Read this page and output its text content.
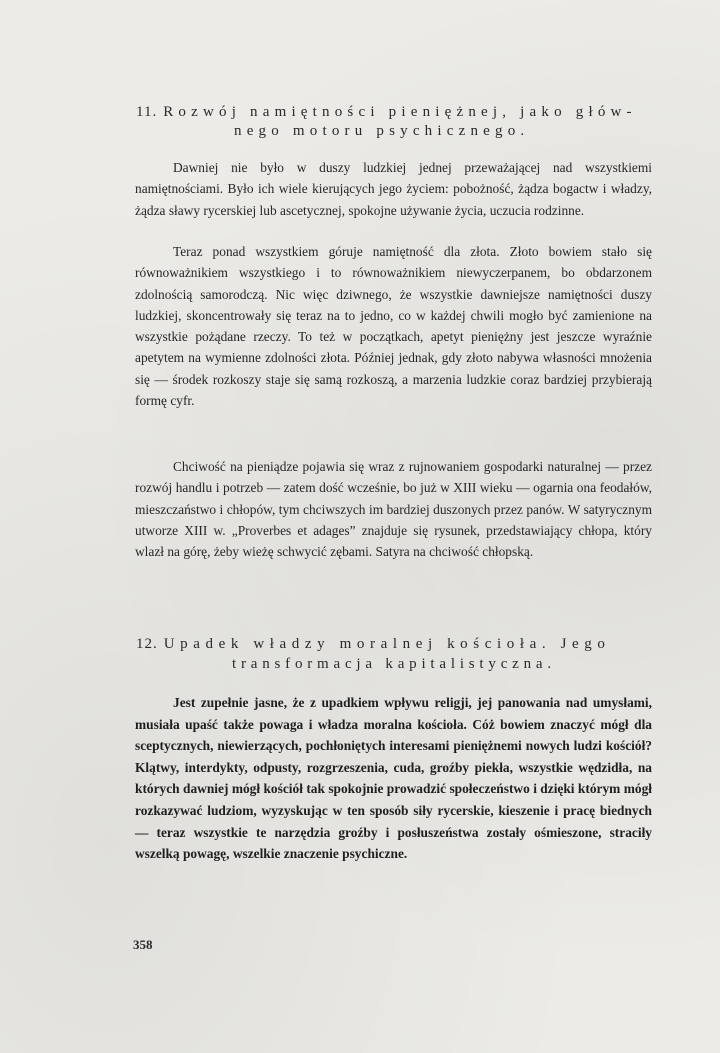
11. Rozwój namiętności pieniężnej, jako głów-
nego motoru psychicznego.

Dawniej nie było w duszy ludzkiej jednej przeważającej nad wszystkiemi namiętnościami. Było ich wiele kierujących jego życiem: pobożność, żądza bogactw i władzy, żądza sławy rycerskiej lub ascetycznej, spokojne używanie życia, uczucia rodzinne.

Teraz ponad wszystkiem góruje namiętność dla złota. Złoto bowiem stało się równoważnikiem wszystkiego i to równoważnikiem niewyczerpanem, bo obdarzonem zdolnością samorodczą. Nic więc dziwnego, że wszystkie dawniejsze namiętności duszy ludzkiej, skoncentrowały się teraz na to jedno, co w każdej chwili mogło być zamienione na wszystkie pożądane rzeczy. To też w początkach, apetyt pieniężny jest jeszcze wyraźnie apetytem na wymienne zdolności złota. Później jednak, gdy złoto nabywa własności mnożenia się — środek rozkoszy staje się samą rozkoszą, a marzenia ludzkie coraz bardziej przybierają formę cyfr.

Chciwość na pieniądze pojawia się wraz z rujnowaniem gospodarki naturalnej — przez rozwój handlu i potrzeb — zatem dość wcześnie, bo już w XIII wieku — ogarnia ona feodałów, mieszczaństwo i chłopów, tym chciwszych im bardziej duszonych przez panów. W satyrycznym utworze XIII w. „Proverbes et adages” znajduje się rysunek, przedstawiający chłopa, który wlazł na górę, żeby wieżę schwycić zębami. Satyra na chciwość chłopską.

12. Upadek władzy moralnej kościoła. Jego
transformacja kapitalistyczna.

Jest zupełnie jasne, że z upadkiem wpływu religji, jej panowania nad umysłami, musiała upaść także powaga i władza moralna kościoła. Cóż bowiem znaczyć mógł dla sceptycznych, niewierzących, pochłoniętych interesami pieniężnemi nowych ludzi kościół? Klątwy, interdykty, odpusty, rozgrzeszenia, cuda, groźby piekła, wszystkie wędzidła, na których dawniej mógł kościół tak spokojnie prowadzić społeczeństwo i dzięki którym mógł rozkazywać ludziom, wyzyskując w ten sposób siły rycerskie, kieszenie i pracę biednych — teraz wszystkie te narzędzia groźby i posłuszeństwa zostały ośmieszone, straciły wszelką powagę, wszelkie znaczenie psychiczne.

358
